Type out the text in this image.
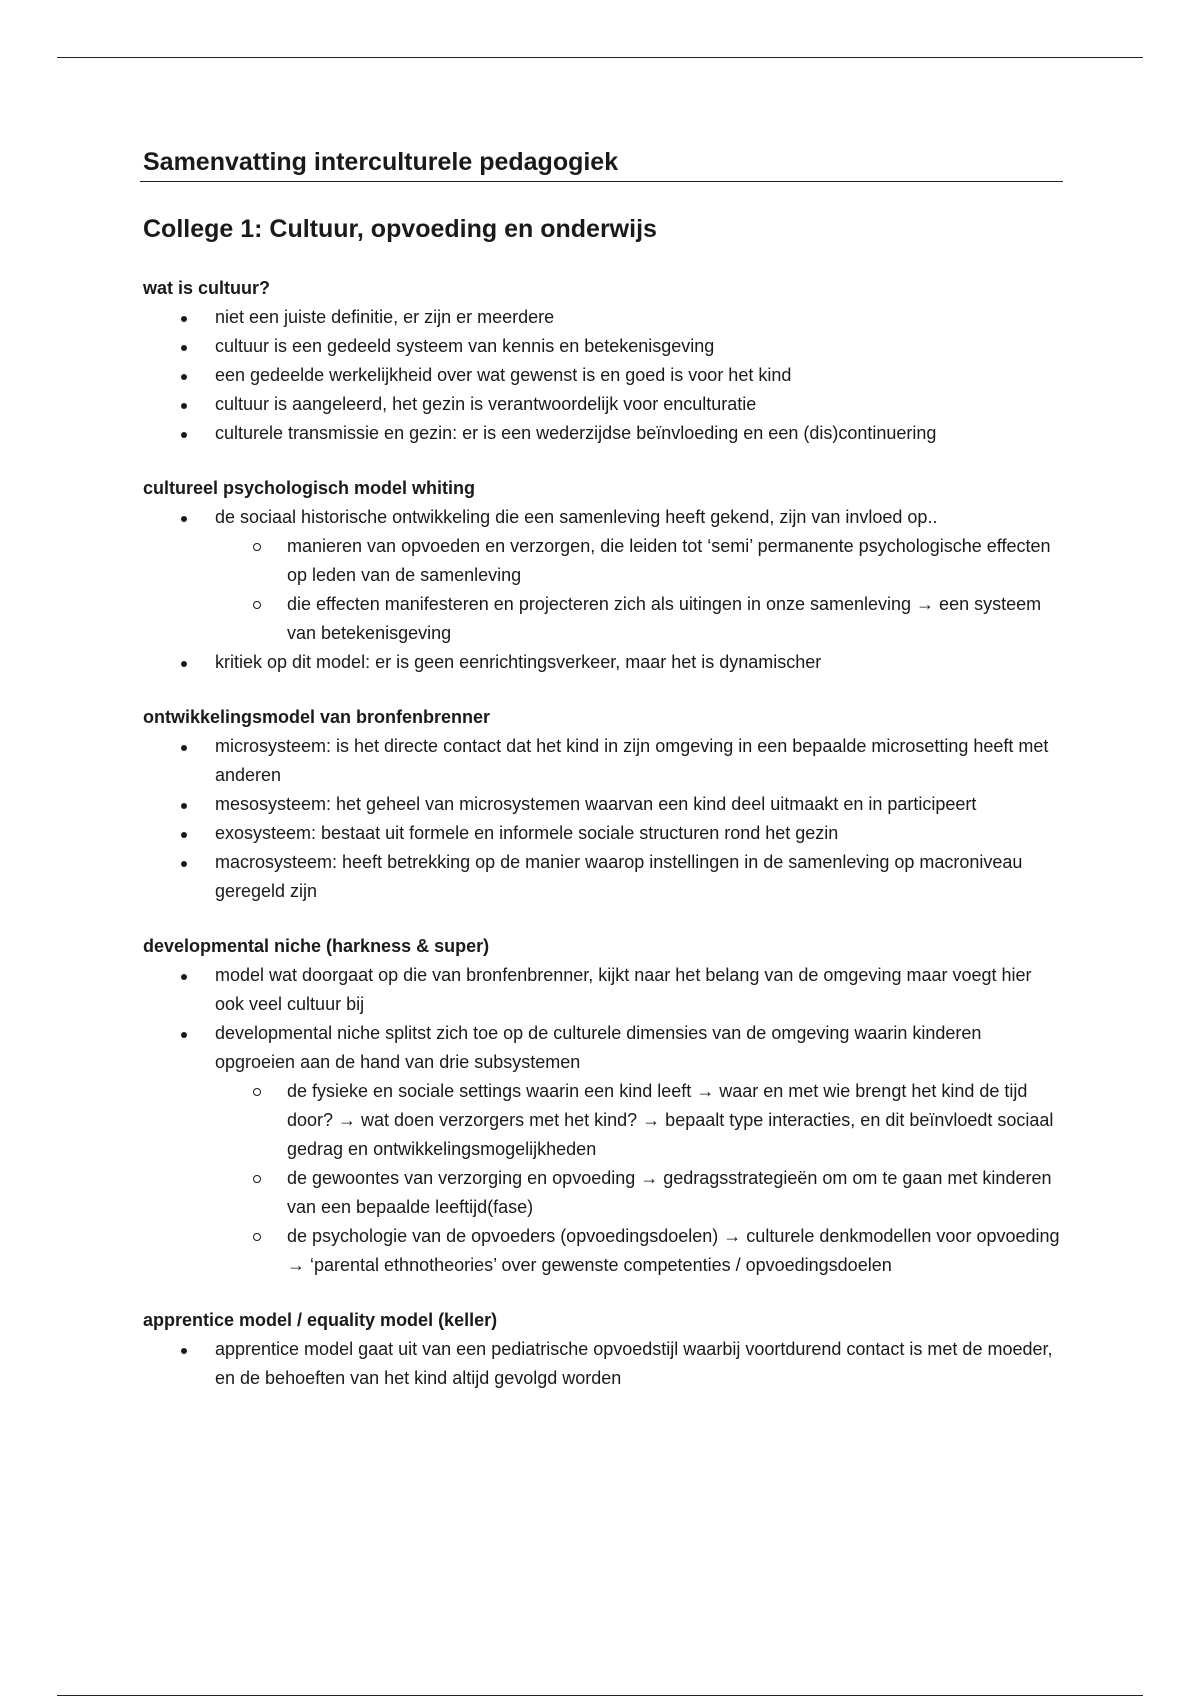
Samenvatting interculturele pedagogiek
College 1: Cultuur, opvoeding en onderwijs
wat is cultuur?
niet een juiste definitie, er zijn er meerdere
cultuur is een gedeeld systeem van kennis en betekenisgeving
een gedeelde werkelijkheid over wat gewenst is en goed is voor het kind
cultuur is aangeleerd, het gezin is verantwoordelijk voor enculturatie
culturele transmissie en gezin: er is een wederzijdse beïnvloeding en een (dis)continuering
cultureel psychologisch model whiting
de sociaal historische ontwikkeling die een samenleving heeft gekend, zijn van invloed op..
manieren van opvoeden en verzorgen, die leiden tot ‘semi’ permanente psychologische effecten op leden van de samenleving
die effecten manifesteren en projecteren zich als uitingen in onze samenleving → een systeem van betekenisgeving
kritiek op dit model: er is geen eenrichtingsverkeer, maar het is dynamischer
ontwikkelingsmodel van bronfenbrenner
microsysteem: is het directe contact dat het kind in zijn omgeving in een bepaalde microsetting heeft met anderen
mesosysteem: het geheel van microsystemen waarvan een kind deel uitmaakt en in participeert
exosysteem: bestaat uit formele en informele sociale structuren rond het gezin
macrosysteem: heeft betrekking op de manier waarop instellingen in de samenleving op macroniveau geregeld zijn
developmental niche (harkness & super)
model wat doorgaat op die van bronfenbrenner, kijkt naar het belang van de omgeving maar voegt hier ook veel cultuur bij
developmental niche splitst zich toe op de culturele dimensies van de omgeving waarin kinderen opgroeien aan de hand van drie subsystemen
de fysieke en sociale settings waarin een kind leeft → waar en met wie brengt het kind de tijd door? → wat doen verzorgers met het kind? → bepaalt type interacties, en dit beïnvloedt sociaal gedrag en ontwikkelingsmogelijkheden
de gewoontes van verzorging en opvoeding → gedragsstrategieën om om te gaan met kinderen van een bepaalde leeftijd(fase)
de psychologie van de opvoeders (opvoedingsdoelen) → culturele denkmodellen voor opvoeding → ‘parental ethnotheories’ over gewenste competenties / opvoedingsdoelen
apprentice model / equality model (keller)
apprentice model gaat uit van een pediatrische opvoedstijl waarbij voortdurend contact is met de moeder, en de behoeften van het kind altijd gevolgd worden
